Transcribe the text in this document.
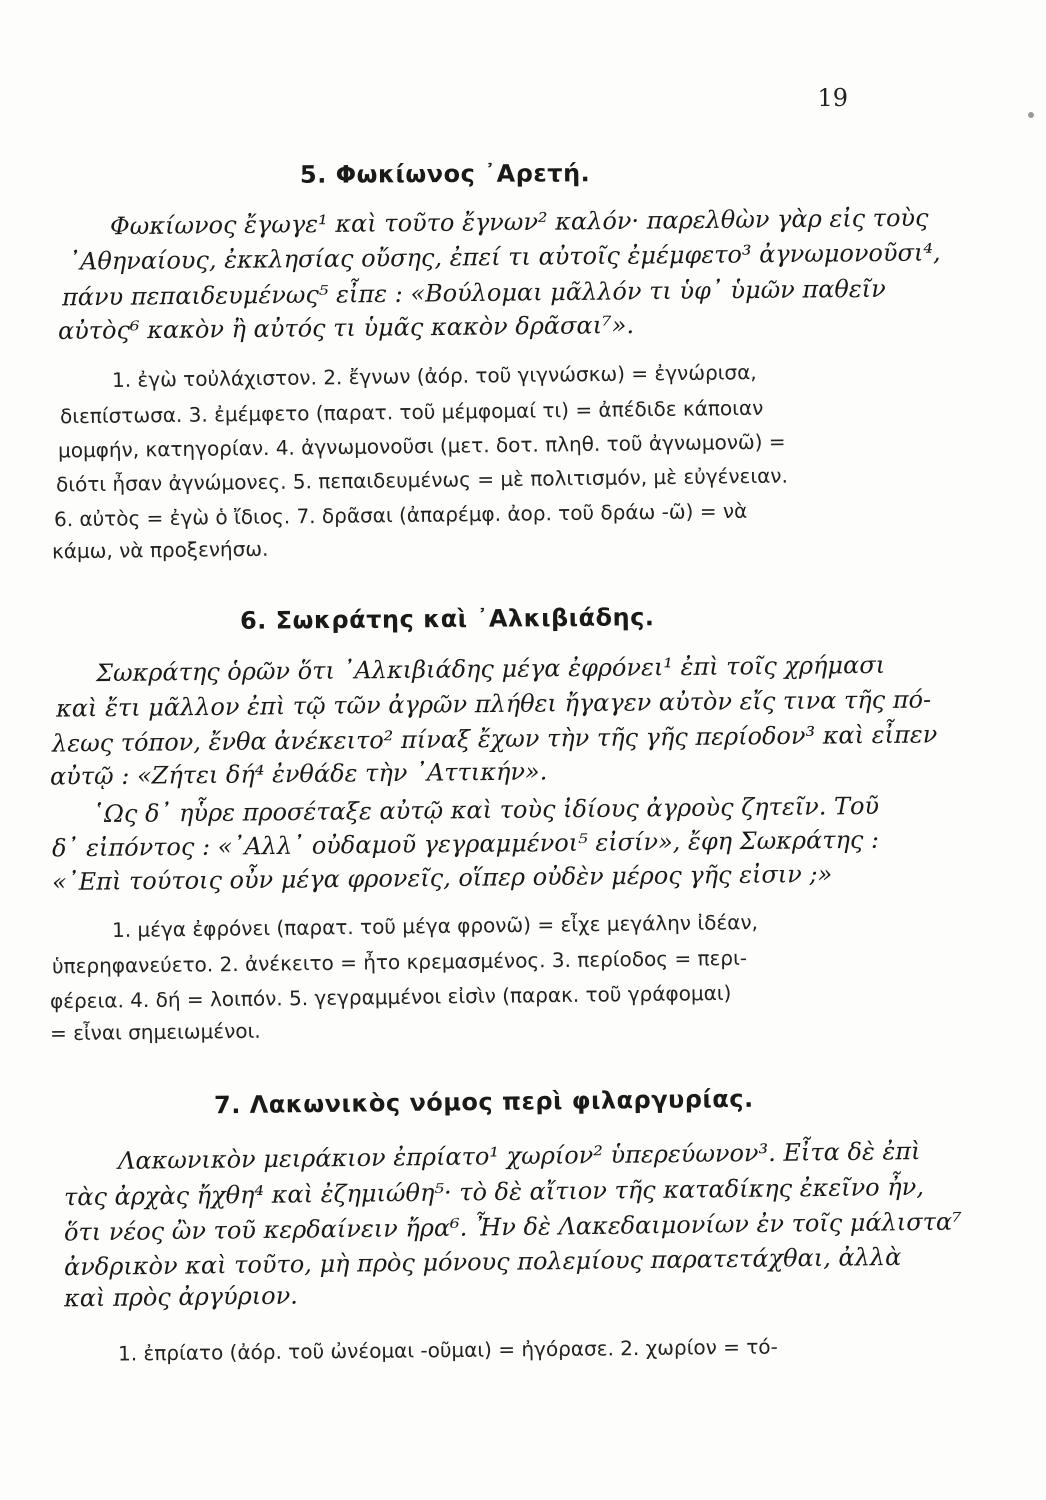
19
5. Φωκίωνος ᾿Αρετή.
Φωκίωνος ἔγωγε¹ καὶ τοῦτο ἔγνων² καλόν· παρελθὼν γὰρ εἰς τοὺς
᾿Αθηναίους, ἐκκλησίας οὔσης, ἐπεί τι αὐτοῖς ἐμέμφετο³ ἀγνωμονοῦσι⁴,
πάνυ πεπαιδευμένως⁵ εἶπε : «Βούλομαι μᾶλλόν τι ὑφ᾿ ὑμῶν παθεῖν
αὐτὸς⁶ κακὸν ἢ αὐτός τι ὑμᾶς κακὸν δρᾶσαι⁷».
1. ἐγὼ τοὐλάχιστον. 2. ἔγνων (ἀόρ. τοῦ γιγνώσκω) = ἐγνώρισα,
διεπίστωσα. 3. ἐμέμφετο (παρατ. τοῦ μέμφομαί τι) = ἀπέδιδε κάποιαν
μομφήν, κατηγορίαν. 4. ἀγνωμονοῦσι (μετ. δοτ. πληθ. τοῦ ἀγνωμονῶ) =
διότι ἦσαν ἀγνώμονες. 5. πεπαιδευμένως = μὲ πολιτισμόν, μὲ εὐγένειαν.
6. αὐτὸς = ἐγὼ ὁ ἴδιος. 7. δρᾶσαι (ἀπαρέμφ. ἀορ. τοῦ δράω -ῶ) = νὰ
κάμω, νὰ προξενήσω.
6. Σωκράτης καὶ ᾿Αλκιβιάδης.
Σωκράτης ὁρῶν ὅτι ᾿Αλκιβιάδης μέγα ἐφρόνει¹ ἐπὶ τοῖς χρήμασι
καὶ ἔτι μᾶλλον ἐπὶ τῷ τῶν ἀγρῶν πλήθει ἤγαγεν αὐτὸν εἴς τινα τῆς πό-
λεως τόπον, ἔνθα ἀνέκειτο² πίναξ ἔχων τὴν τῆς γῆς περίοδον³ καὶ εἶπεν
αὐτῷ : «Ζήτει δή⁴ ἐνθάδε τὴν ᾿Αττικήν».
῾Ως δ᾿ ηὗρε προσέταξε αὐτῷ καὶ τοὺς ἰδίους ἀγροὺς ζητεῖν. Τοῦ
δ᾿ εἰπόντος : «᾿Αλλ᾿ οὐδαμοῦ γεγραμμένοι⁵ εἰσίν», ἔφη Σωκράτης :
«᾿Επὶ τούτοις οὖν μέγα φρονεῖς, οἵπερ οὐδὲν μέρος γῆς εἰσιν ;»
1. μέγα ἐφρόνει (παρατ. τοῦ μέγα φρονῶ) = εἶχε μεγάλην ἰδέαν,
ὑπερηφανεύετο. 2. ἀνέκειτο = ἦτο κρεμασμένος. 3. περίοδος = περι-
φέρεια. 4. δή = λοιπόν. 5. γεγραμμένοι εἰσὶν (παρακ. τοῦ γράφομαι)
= εἶναι σημειωμένοι.
7. Λακωνικὸς νόμος περὶ φιλαργυρίας.
Λακωνικὸν μειράκιον ἐπρίατο¹ χωρίον² ὑπερεύωνον³. Εἶτα δὲ ἐπὶ
τὰς ἀρχὰς ἤχθη⁴ καὶ ἐζημιώθη⁵· τὸ δὲ αἴτιον τῆς καταδίκης ἐκεῖνο ἦν,
ὅτι νέος ὢν τοῦ κερδαίνειν ἤρα⁶. Ἦν δὲ Λακεδαιμονίων ἐν τοῖς μάλιστα⁷
ἀνδρικὸν καὶ τοῦτο, μὴ πρὸς μόνους πολεμίους παρατετάχθαι, ἀλλὰ
καὶ πρὸς ἀργύριον.
1. ἐπρίατο (ἀόρ. τοῦ ὠνέομαι -οῦμαι) = ἠγόρασε. 2. χωρίον = τό-
